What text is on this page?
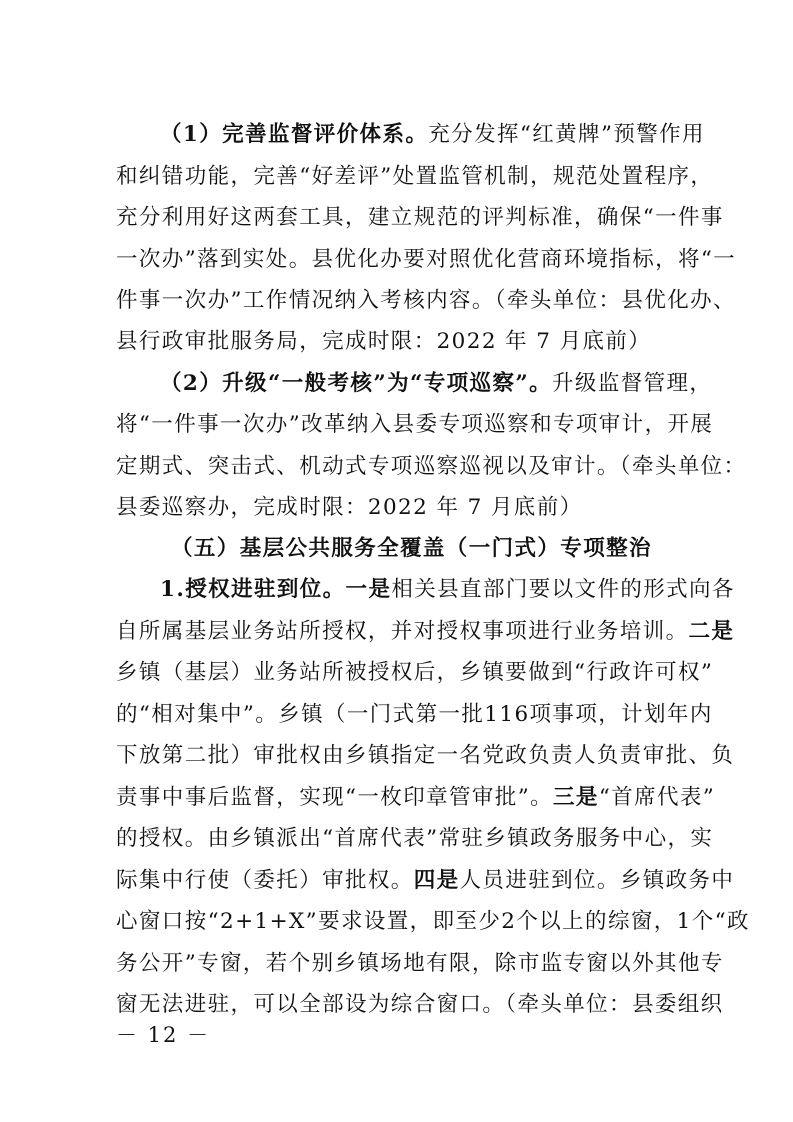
（1）完善监督评价体系。充分发挥“红黄牌”预警作用
和纠错功能，完善“好差评”处置监管机制，规范处置程序，
充分利用好这两套工具，建立规范的评判标准，确保“一件事
一次办”落到实处。县优化办要对照优化营商环境指标，将“一
件事一次办”工作情况纳入考核内容。（牵头单位：县优化办、
县行政审批服务局，完成时限：2022 年 7 月底前）
（2）升级“一般考核”为“专项巡察”。升级监督管理，
将“一件事一次办”改革纳入县委专项巡察和专项审计，开展
定期式、突击式、机动式专项巡察巡视以及审计。（牵头单位：
县委巡察办，完成时限：2022 年 7 月底前）
（五）基层公共服务全覆盖（一门式）专项整治
1.授权进驻到位。一是相关县直部门要以文件的形式向各
自所属基层业务站所授权，并对授权事项进行业务培训。二是
乡镇（基层）业务站所被授权后，乡镇要做到“行政许可权”
的“相对集中”。乡镇（一门式第一批116项事项，计划年内
下放第二批）审批权由乡镇指定一名党政负责人负责审批、负
责事中事后监督，实现“一枚印章管审批”。三是“首席代表”
的授权。由乡镇派出“首席代表”常驻乡镇政务服务中心，实
际集中行使（委托）审批权。四是人员进驻到位。乡镇政务中
心窗口按“2+1+X”要求设置，即至少2个以上的综窗，1个“政
务公开”专窗，若个别乡镇场地有限，除市监专窗以外其他专
窗无法进驻，可以全部设为综合窗口。（牵头单位：县委组织
－ 12 －
